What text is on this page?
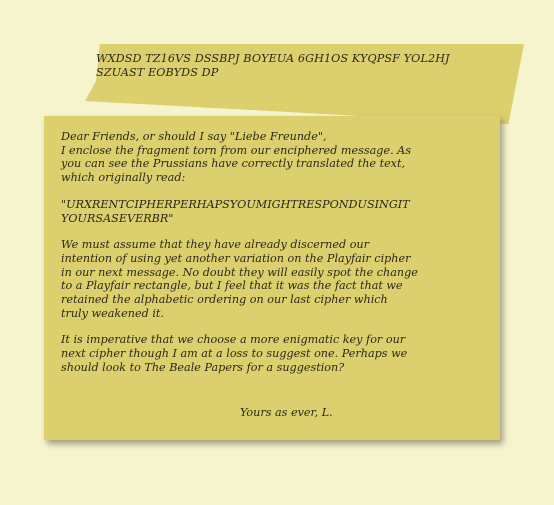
WXDSD TZ16VS DSSBPJ BOYEUA 6GH1OS KYQPSF YOL2HJ
SZUAST EOBYDS DP

Dear Friends, or should I say "Liebe Freunde",

I enclose the fragment torn from our enciphered message. As

you can see the Prussians have correctly translated the text,

which originally read:

"URXRENTCIPHERPERHAPSYOUMIGHTRESPONDUSINGIT

YOURSASEVERBR"

We must assume that they have already discerned our

intention of using yet another variation on the Playfair cipher

in our next message. No doubt they will easily spot the change

to a Playfair rectangle, but I feel that it was the fact that we

retained the alphabetic ordering on our last cipher which

truly weakened it.

It is imperative that we choose a more enigmatic key for our

next cipher though I am at a loss to suggest one. Perhaps we

should look to The Beale Papers for a suggestion?

Yours as ever, L.
